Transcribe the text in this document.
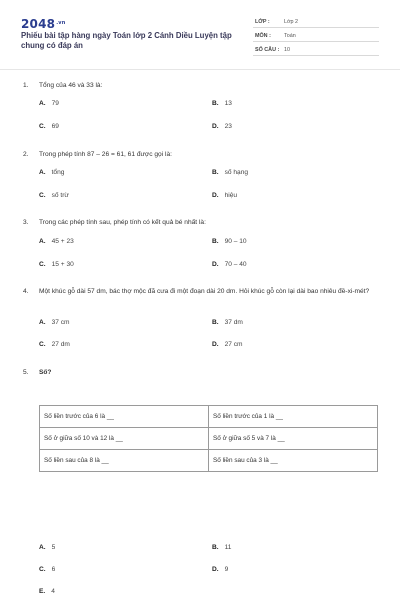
$2048^{.vn}$
Phiếu bài tập hàng ngày Toán lớp 2 Cánh Diều Luyện tập chung có đáp án
LỚP :	Lớp 2
MÔN : Toán
SỐ CÂU : 10
1.	Tổng của 46 và 33 là:
A. 79	B. 13
C. 69	D. 23
2.	Trong phép tính 87 – 26 = 61, 61 được gọi là:
A. tổng	B. số hạng
C. số trừ	D. hiệu
3.	Trong các phép tính sau, phép tính có kết quả bé nhất là:
A. 45 + 23	B. 90 – 10
C. 15 + 30	D. 70 – 40
4.	Một khúc gỗ dài 57 dm, bác thợ mộc đã cưa đi một đoạn dài 20 dm. Hỏi khúc gỗ còn lại dài bao nhiêu đề-xi-mét?
A. 37 cm	B. 37 dm
C. 27 dm	D. 27 cm
5.	Số?
Số liền trước của 6 là __	Số liền trước của 1 là __
Số ở giữa số 10 và 12 là __	Số ở giữa số 5 và 7 là __
Số liền sau của 8 là __	Số liền sau của 3 là __
A. 5	B. 11
C. 6	D. 9
E. 4
